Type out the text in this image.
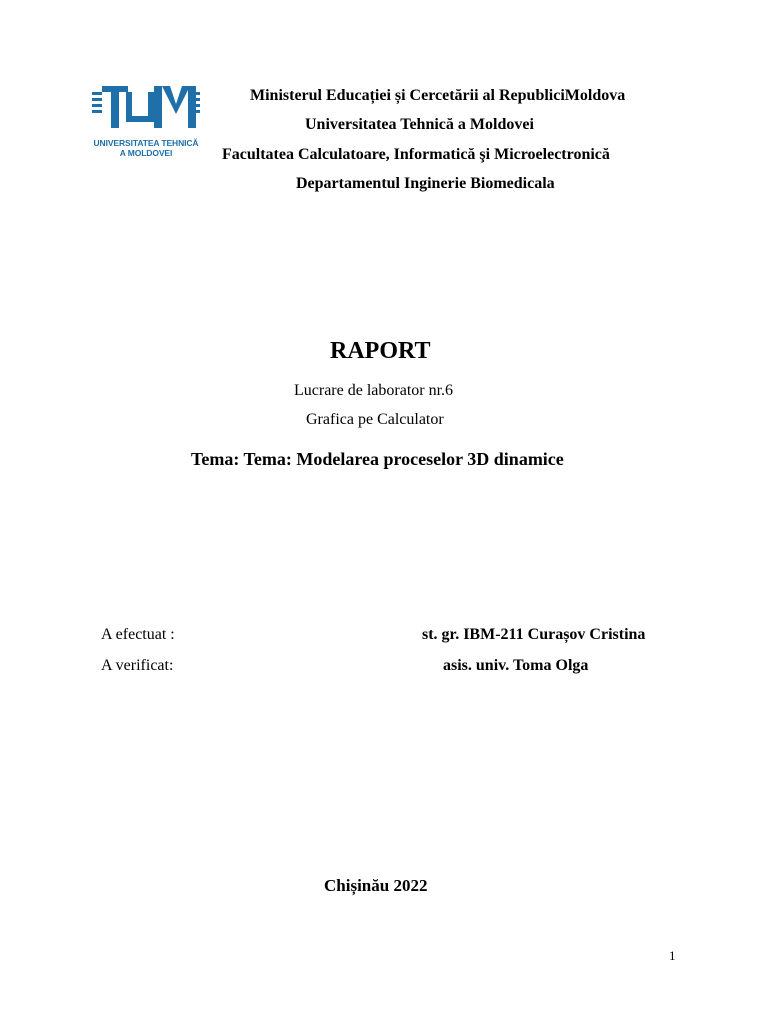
UNIVERSITATEA TEHNICĂ
A MOLDOVEI
Ministerul Educației și Cercetării al RepubliciMoldova
Universitatea Tehnică a Moldovei
Facultatea Calculatoare, Informatică şi Microelectronică
Departamentul Inginerie Biomedicala
RAPORT
Lucrare de laborator nr.6
Grafica pe Calculator
Tema: Tema: Modelarea proceselor 3D dinamice
A efectuat :	st. gr. IBM-211 Curașov Cristina
A verificat:	asis. univ. Toma Olga
Chișinău 2022
1
